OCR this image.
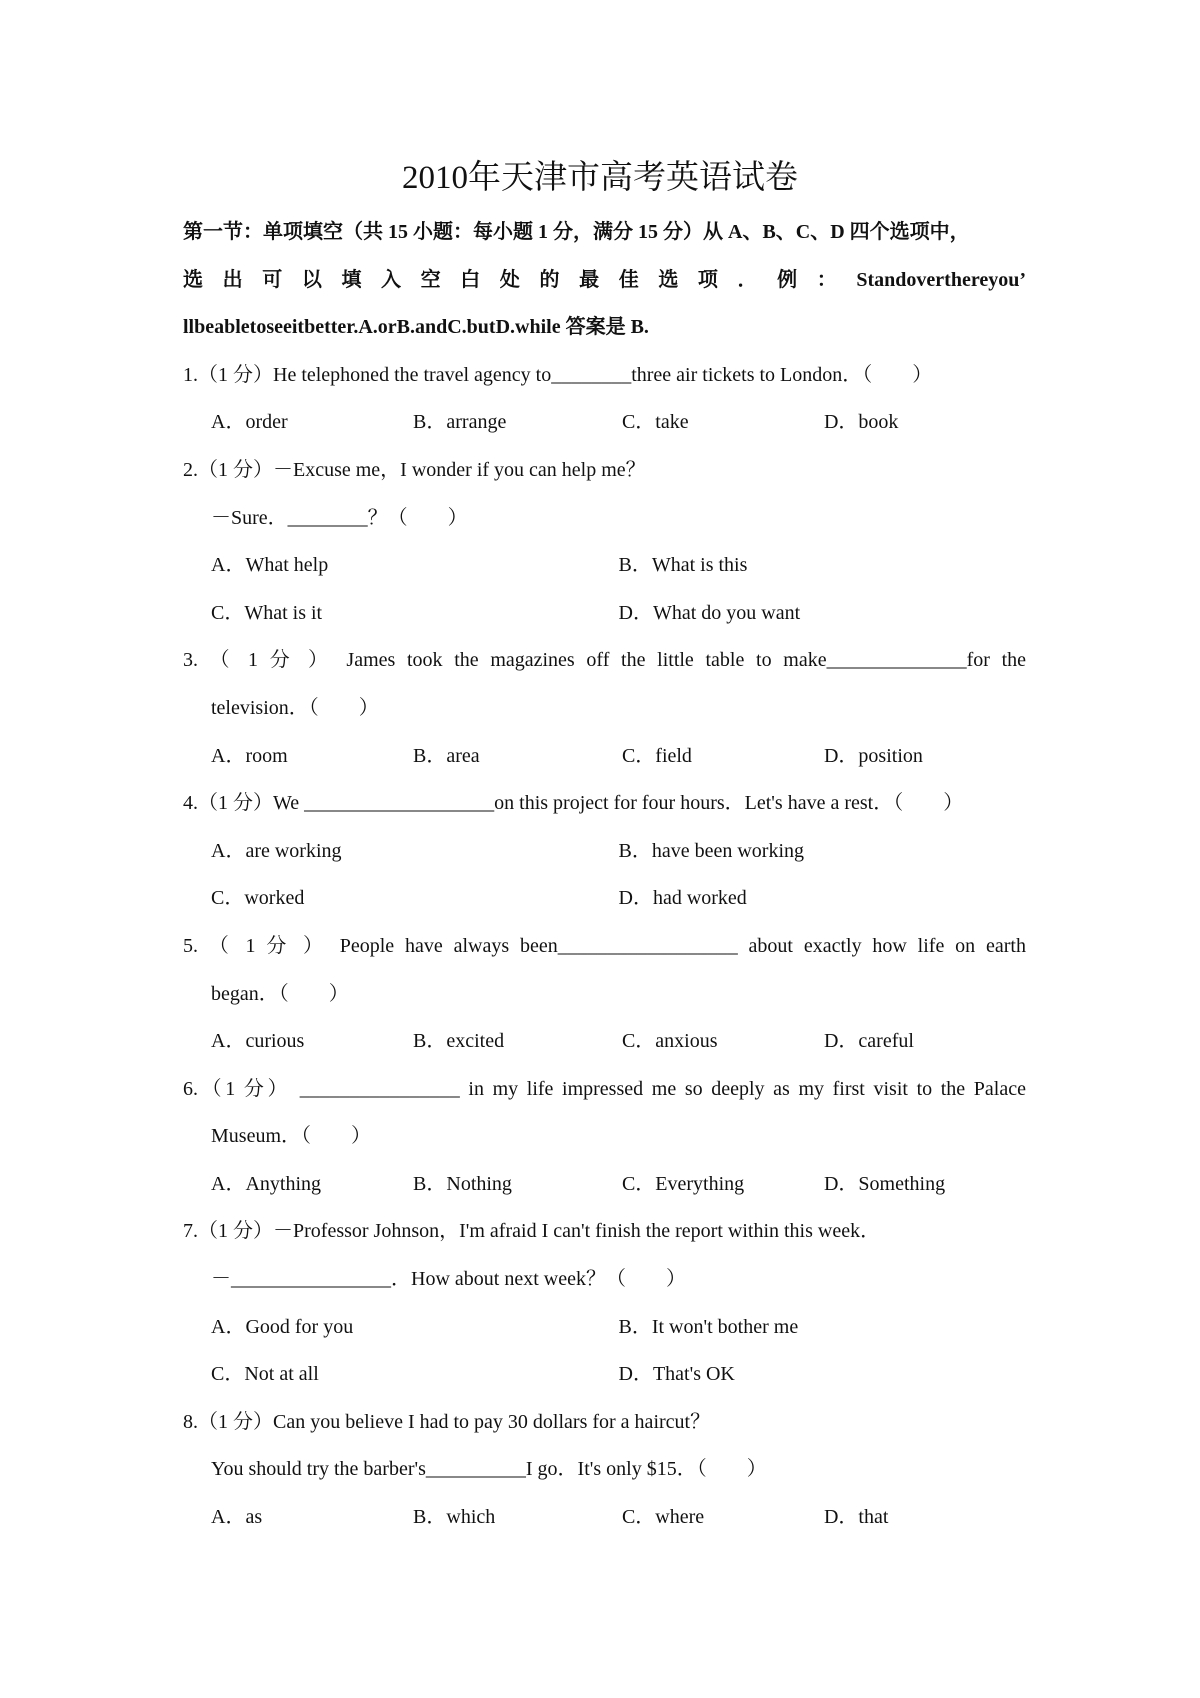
2010年天津市高考英语试卷
第一节：单项填空（共 15 小题：每小题 1 分，满分 15 分）从 A、B、C、D 四个选项中，
选 出 可 以 填 入 空 白 处 的 最 佳 选 项 ． 例 ： Standoverthereyou’
llbeabletoseeitbetter.A.orB.andC.butD.while 答案是 B.
1.（1 分）He telephoned the travel agency to________three air tickets to London．（　　）
A．order	B．arrange	C．take	D．book
2.（1 分）－Excuse me，I wonder if you can help me？
－Sure．________？（　　）
A．What help	B．What is this
C．What is it	D．What do you want
3. （ 1 分 ） James took the magazines off the little table to make______________for the
television．（　　）
A．room	B．area	C．field	D．position
4.（1 分）We ___________________on this project for four hours．Let's have a rest．（　　）
A．are working	B．have been working
C．worked	D．had worked
5. （ 1 分 ） People have always been__________________ about exactly how life on earth
began．（　　）
A．curious	B．excited	C．anxious	D．careful
6.（1 分） ________________ in my life impressed me so deeply as my first visit to the Palace
Museum．（　　）
A．Anything	B．Nothing	C．Everything	D．Something
7.（1 分）－Professor Johnson，I'm afraid I can't finish the report within this week．
－________________．How about next week？（　　）
A．Good for you	B．It won't bother me
C．Not at all	D．That's OK
8.（1 分）Can you believe I had to pay 30 dollars for a haircut？
You should try the barber's__________I go．It's only $15．（　　）
A．as	B．which	C．where	D．that
